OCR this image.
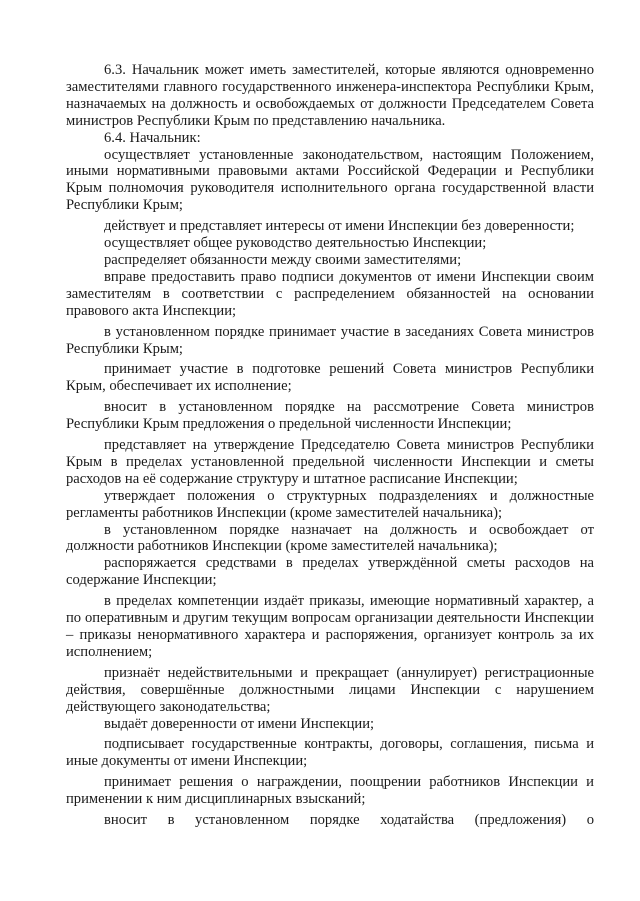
6.3. Начальник может иметь заместителей, которые являются одновременно заместителями главного государственного инженера-инспектора Республики Крым, назначаемых на должность и освобождаемых от должности Председателем Совета министров Республики Крым по представлению начальника.

6.4. Начальник:

осуществляет установленные законодательством, настоящим Положением, иными нормативными правовыми актами Российской Федерации и Республики Крым полномочия руководителя исполнительного органа государственной власти Республики Крым;

действует и представляет интересы от имени Инспекции без доверенности;

осуществляет общее руководство деятельностью Инспекции;

распределяет обязанности между своими заместителями;

вправе предоставить право подписи документов от имени Инспекции своим заместителям в соответствии с распределением обязанностей на основании правового акта Инспекции;

в установленном порядке принимает участие в заседаниях Совета министров Республики Крым;

принимает участие в подготовке решений Совета министров Республики Крым, обеспечивает их исполнение;

вносит в установленном порядке на рассмотрение Совета министров Республики Крым предложения о предельной численности Инспекции;

представляет на утверждение Председателю Совета министров Республики Крым в пределах установленной предельной численности Инспекции и сметы расходов на её содержание структуру и штатное расписание Инспекции;

утверждает положения о структурных подразделениях и должностные регламенты работников Инспекции (кроме заместителей начальника);

в установленном порядке назначает на должность и освобождает от должности работников Инспекции (кроме заместителей начальника);

распоряжается средствами в пределах утверждённой сметы расходов на содержание Инспекции;

в пределах компетенции издаёт приказы, имеющие нормативный характер, а по оперативным и другим текущим вопросам организации деятельности Инспекции – приказы ненормативного характера и распоряжения, организует контроль за их исполнением;

признаёт недействительными и прекращает (аннулирует) регистрационные действия, совершённые должностными лицами Инспекции с нарушением действующего законодательства;

выдаёт доверенности от имени Инспекции;

подписывает государственные контракты, договоры, соглашения, письма и иные документы от имени Инспекции;

принимает решения о награждении, поощрении работников Инспекции и применении к ним дисциплинарных взысканий;

вносит в установленном порядке ходатайства (предложения) о
